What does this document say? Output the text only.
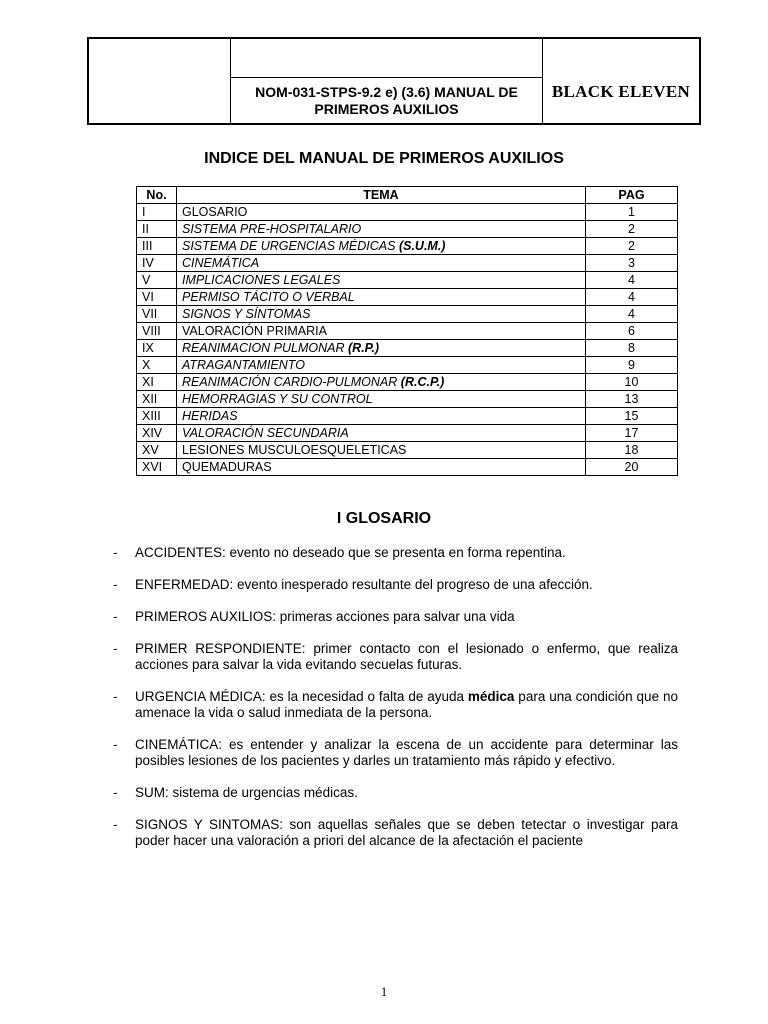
NOM-031-STPS-9.2 e) (3.6) MANUAL DE PRIMEROS AUXILIOS
BLACK ELEVEN
INDICE DEL MANUAL DE PRIMEROS AUXILIOS
No.	TEMA	PAG
I	GLOSARIO	1
II	SISTEMA PRE-HOSPITALARIO	2
III	SISTEMA DE URGENCIAS MÉDICAS (S.U.M.)	2
IV	CINEMÁTICA	3
V	IMPLICACIONES LEGALES	4
VI	PERMISO TÁCITO O VERBAL	4
VII	SIGNOS Y SÍNTOMAS	4
VIII	VALORACIÓN PRIMARIA	6
IX	REANIMACION PULMONAR (R.P.)	8
X	ATRAGANTAMIENTO	9
XI	REANIMACIÓN CARDIO-PULMONAR (R.C.P.)	10
XII	HEMORRAGIAS Y SU CONTROL	13
XIII	HERIDAS	15
XIV	VALORACIÓN SECUNDARIA	17
XV	LESIONES MUSCULOESQUELETICAS	18
XVI	QUEMADURAS	20
I GLOSARIO
-	ACCIDENTES: evento no deseado que se presenta en forma repentina.
-	ENFERMEDAD: evento inesperado resultante del progreso de una afección.
-	PRIMEROS AUXILIOS: primeras acciones para salvar una vida
-	PRIMER RESPONDIENTE: primer contacto con el lesionado o enfermo, que realiza acciones para salvar la vida evitando secuelas futuras.
-	URGENCIA MÉDICA: es la necesidad o falta de ayuda médica para una condición que no amenace la vida o salud inmediata de la persona.
-	CINEMÁTICA: es entender y analizar la escena de un accidente para determinar las posibles lesiones de los pacientes y darles un tratamiento más rápido y efectivo.
-	SUM: sistema de urgencias médicas.
-	SIGNOS Y SINTOMAS: son aquellas señales que se deben tetectar o investigar para poder hacer una valoración a priori del alcance de la afectación el paciente
1
